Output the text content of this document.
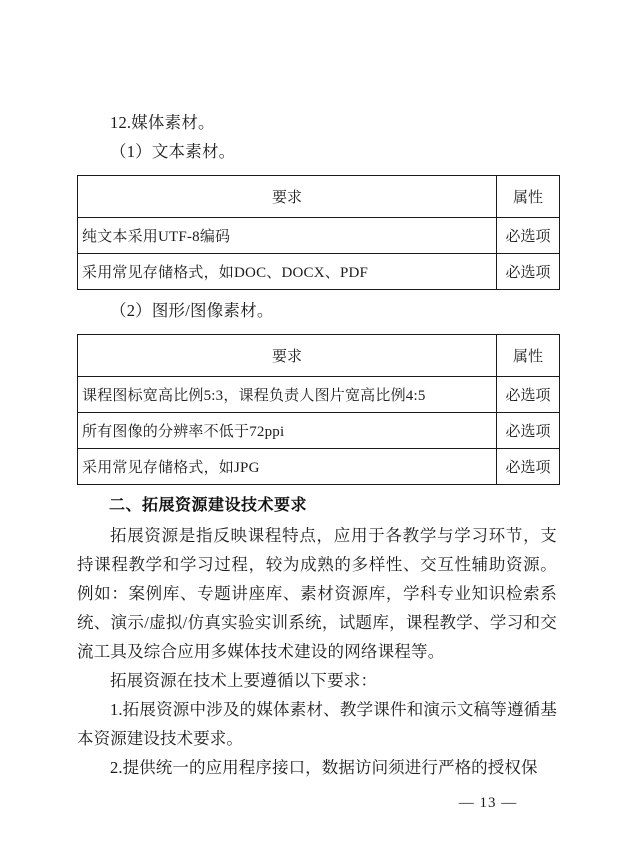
12.媒体素材。

（1）文本素材。

要求	属性
纯文本采用UTF-8编码	必选项
采用常见存储格式，如DOC、DOCX、PDF	必选项

（2）图形/图像素材。

要求	属性
课程图标宽高比例5:3，课程负责人图片宽高比例4:5	必选项
所有图像的分辨率不低于72ppi	必选项
采用常见存储格式，如JPG	必选项

二、拓展资源建设技术要求

拓展资源是指反映课程特点，应用于各教学与学习环节，支持课程教学和学习过程，较为成熟的多样性、交互性辅助资源。例如：案例库、专题讲座库、素材资源库，学科专业知识检索系统、演示/虚拟/仿真实验实训系统，试题库，课程教学、学习和交流工具及综合应用多媒体技术建设的网络课程等。

拓展资源在技术上要遵循以下要求：

1.拓展资源中涉及的媒体素材、教学课件和演示文稿等遵循基本资源建设技术要求。

2.提供统一的应用程序接口，数据访问须进行严格的授权保

— 13 —
